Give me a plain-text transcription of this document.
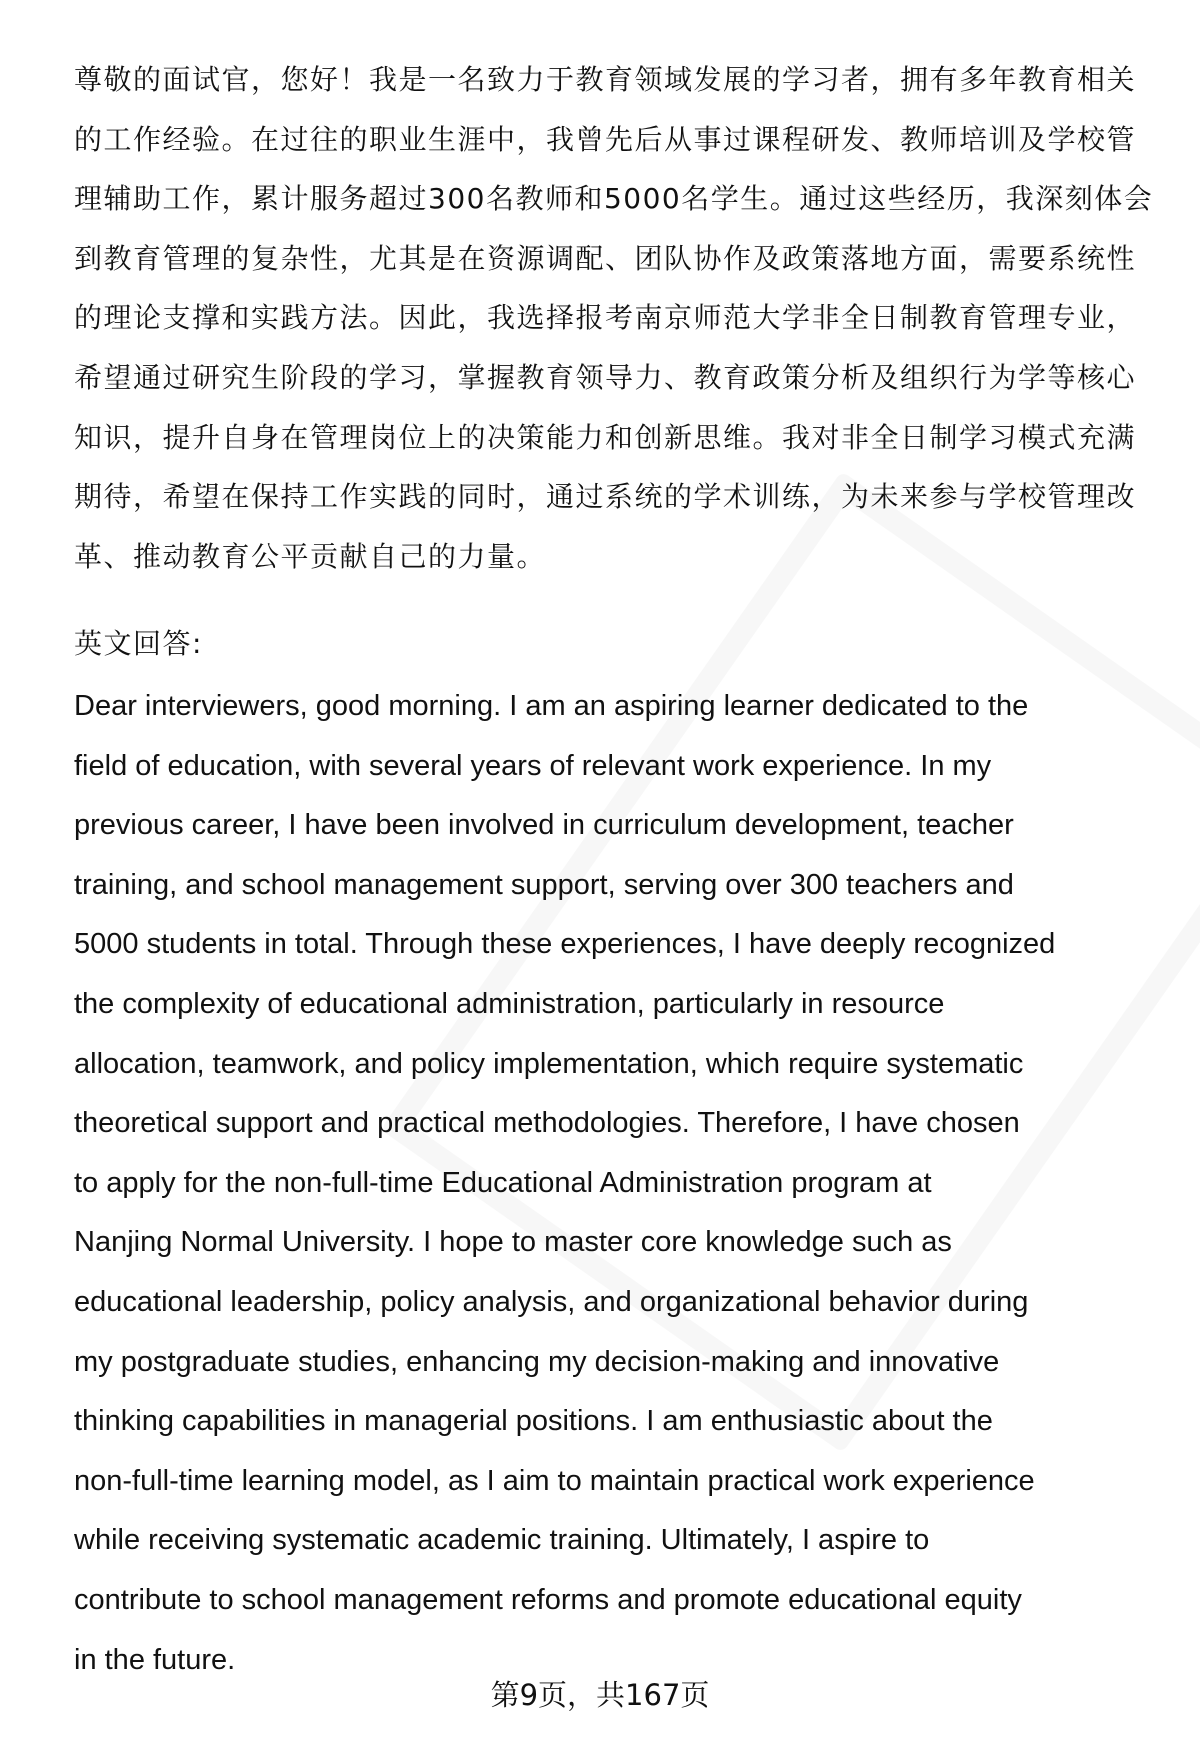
尊敬的面试官，您好！我是一名致力于教育领域发展的学习者，拥有多年教育相关
的工作经验。在过往的职业生涯中，我曾先后从事过课程研发、教师培训及学校管
理辅助工作，累计服务超过300名教师和5000名学生。通过这些经历，我深刻体会
到教育管理的复杂性，尤其是在资源调配、团队协作及政策落地方面，需要系统性
的理论支撑和实践方法。因此，我选择报考南京师范大学非全日制教育管理专业，
希望通过研究生阶段的学习，掌握教育领导力、教育政策分析及组织行为学等核心
知识，提升自身在管理岗位上的决策能力和创新思维。我对非全日制学习模式充满
期待，希望在保持工作实践的同时，通过系统的学术训练，为未来参与学校管理改
革、推动教育公平贡献自己的力量。
英文回答:
Dear interviewers, good morning. I am an aspiring learner dedicated to the
field of education, with several years of relevant work experience. In my
previous career, I have been involved in curriculum development, teacher
training, and school management support, serving over 300 teachers and
5000 students in total. Through these experiences, I have deeply recognized
the complexity of educational administration, particularly in resource
allocation, teamwork, and policy implementation, which require systematic
theoretical support and practical methodologies. Therefore, I have chosen
to apply for the non-full-time Educational Administration program at
Nanjing Normal University. I hope to master core knowledge such as
educational leadership, policy analysis, and organizational behavior during
my postgraduate studies, enhancing my decision-making and innovative
thinking capabilities in managerial positions. I am enthusiastic about the
non-full-time learning model, as I aim to maintain practical work experience
while receiving systematic academic training. Ultimately, I aspire to
contribute to school management reforms and promote educational equity
in the future.
第9页，共167页
